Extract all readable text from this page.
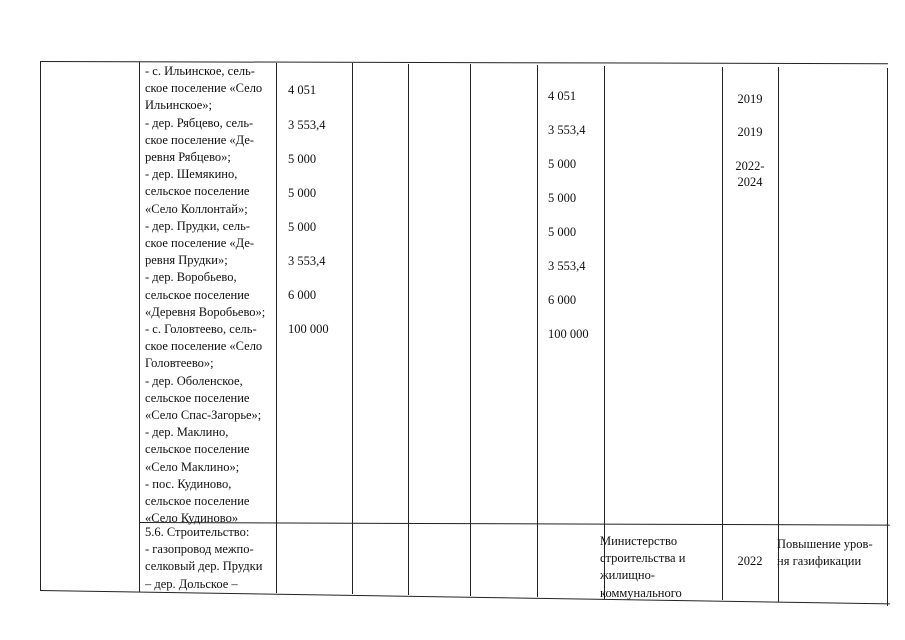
- с. Ильинское, сель-
ское поселение «Село
Ильинское»;
- дер. Рябцево, сель-
ское поселение «Де-
ревня Рябцево»;
- дер. Шемякино,
сельское поселение
«Село Коллонтай»;
- дер. Прудки, сель-
ское поселение «Де-
ревня Прудки»;
- дер. Воробьево,
сельское поселение
«Деревня Воробьево»;
- с. Головтеево, сель-
ское поселение «Село
Головтеево»;
- дер. Оболенское,
сельское поселение
«Село Спас-Загорье»;
- дер. Маклино,
сельское поселение
«Село Маклино»;
- пос. Кудиново,
сельское поселение
«Село Кудиново»
4 051
3 553,4
5 000
5 000
5 000
3 553,4
6 000
100 000
4 051
3 553,4
5 000
5 000
5 000
3 553,4
6 000
100 000
2019
2019
2022-
2024
5.6. Строительство:
- газопровод межпо-
селковый дер. Прудки
– дер. Дольское –
Министерство
строительства и
жилищно-
коммунального
2022
Повышение уров-
ня газификации
